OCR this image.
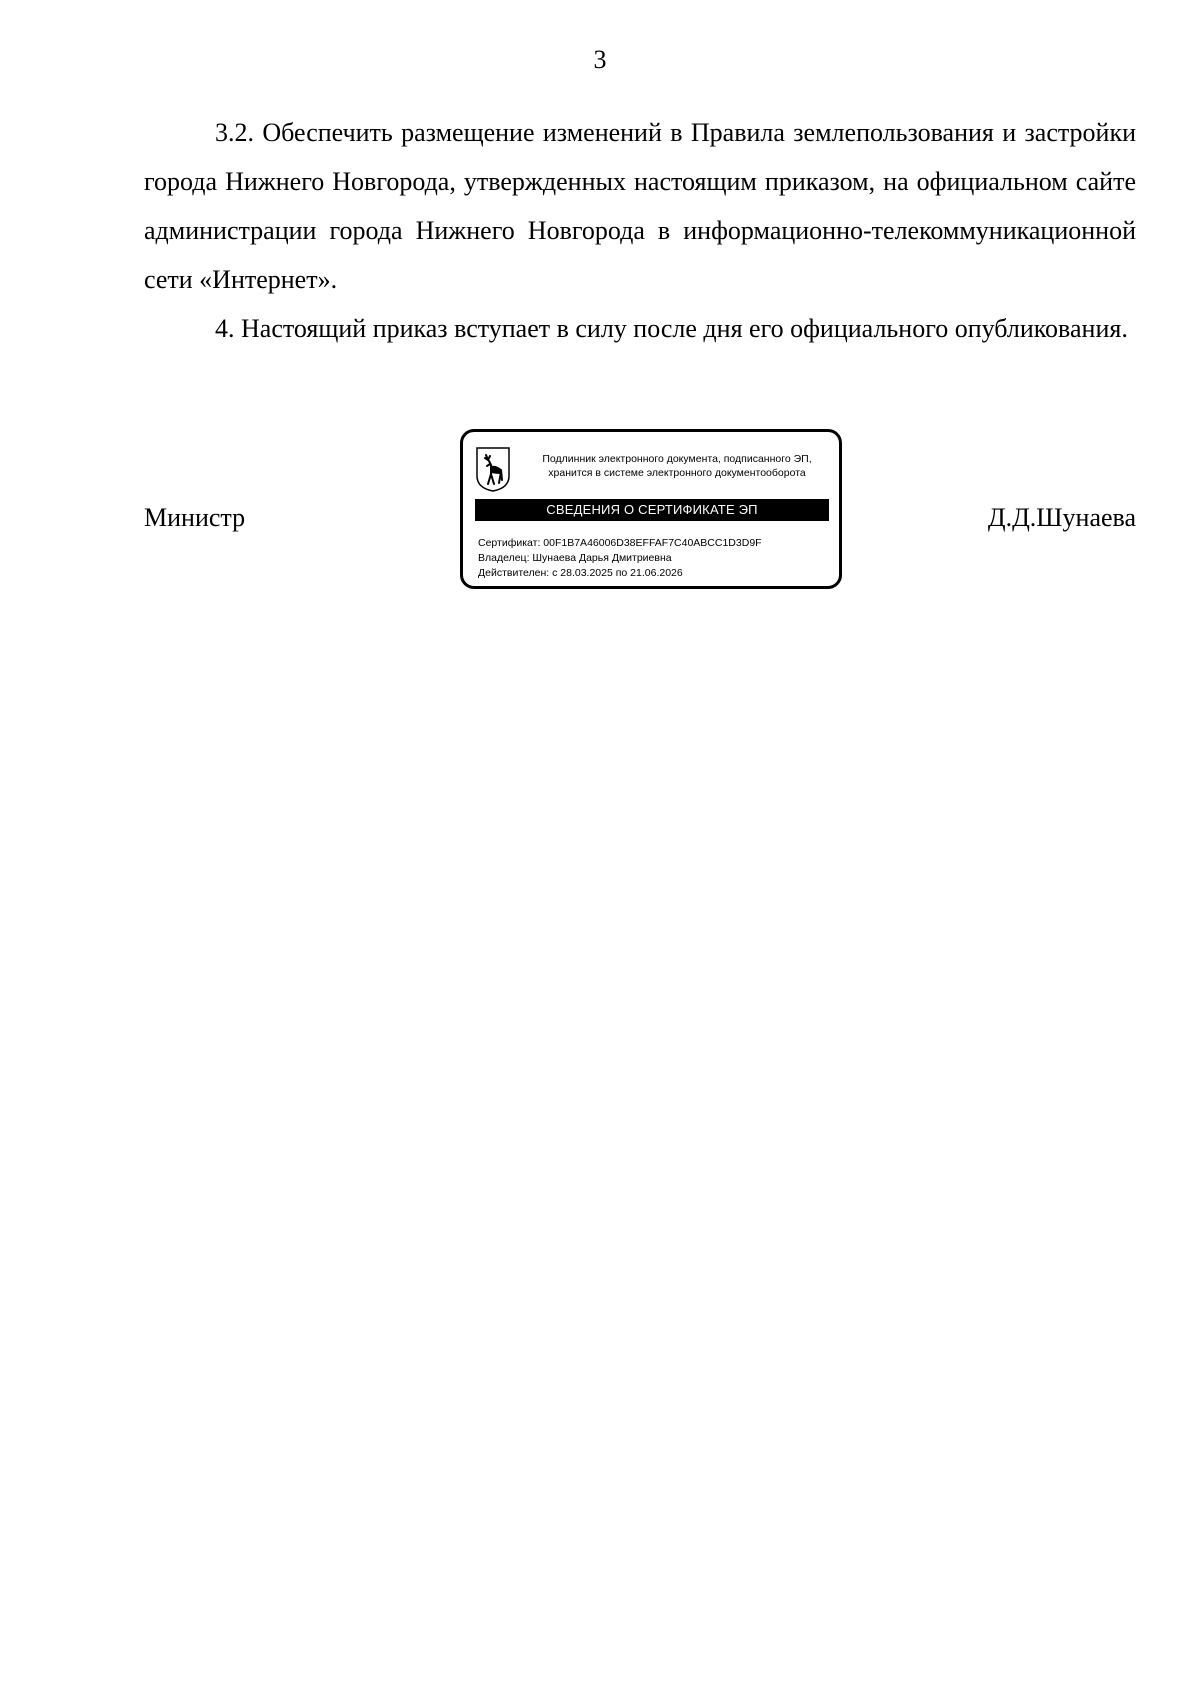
3

3.2. Обеспечить размещение изменений в Правила землепользования и застройки города Нижнего Новгорода, утвержденных настоящим приказом, на официальном сайте администрации города Нижнего Новгорода в информационно-телекоммуникационной сети «Интернет».

4. Настоящий приказ вступает в силу после дня его официального опубликования.

Министр	Д.Д.Шунаева
Подлинник электронного документа, подписанного ЭП,
хранится в системе электронного документооборота
СВЕДЕНИЯ О СЕРТИФИКАТЕ ЭП
Сертификат: 00F1B7A46006D38EFFAF7C40ABCC1D3D9F
Владелец: Шунаева Дарья Дмитриевна
Действителен: с 28.03.2025 по 21.06.2026
